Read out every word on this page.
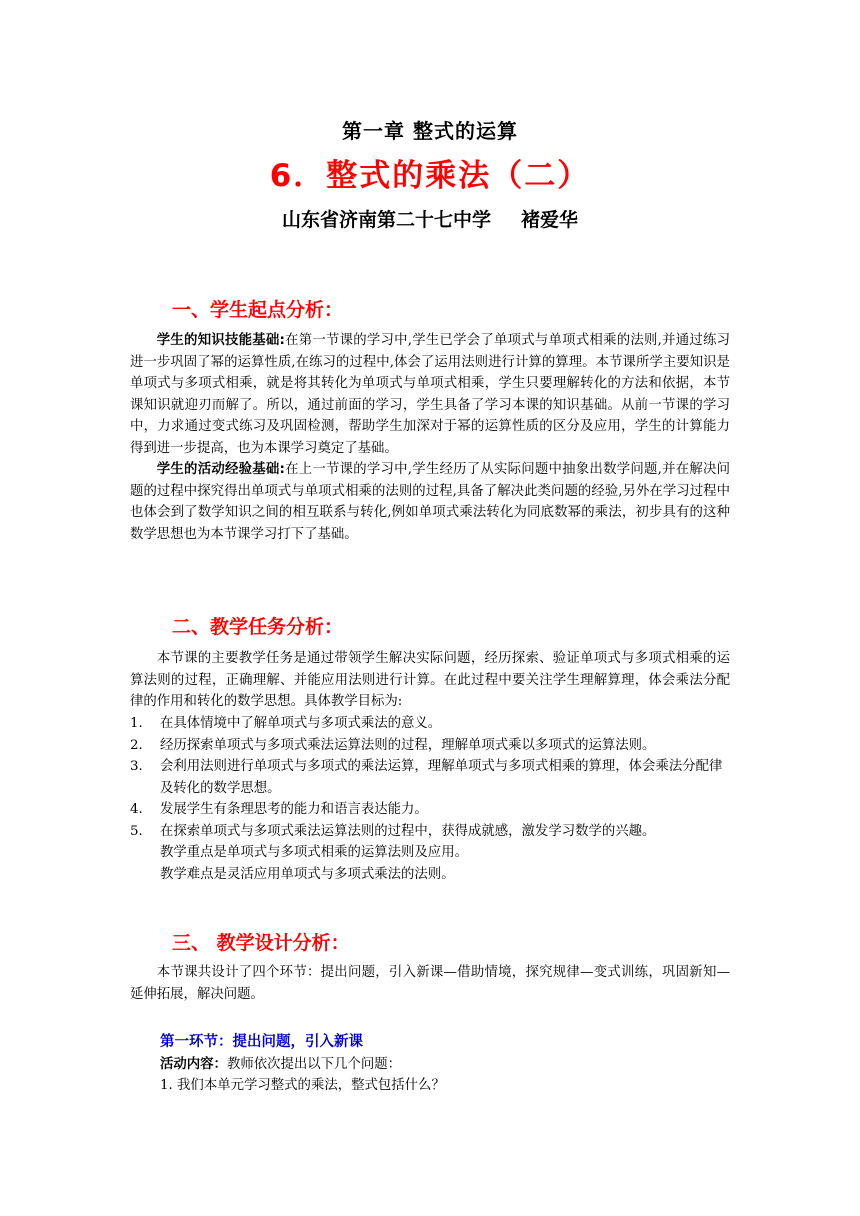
第一章 整式的运算
6．整式的乘法（二）
山东省济南第二十七中学 褚爱华
一、学生起点分析：

学生的知识技能基础:在第一节课的学习中,学生已学会了单项式与单项式相乘的法则,并通过练习进一步巩固了幂的运算性质,在练习的过程中,体会了运用法则进行计算的算理。本节课所学主要知识是单项式与多项式相乘，就是将其转化为单项式与单项式相乘，学生只要理解转化的方法和依据，本节课知识就迎刃而解了。所以，通过前面的学习，学生具备了学习本课的知识基础。从前一节课的学习中，力求通过变式练习及巩固检测，帮助学生加深对于幂的运算性质的区分及应用，学生的计算能力得到进一步提高，也为本课学习奠定了基础。

学生的活动经验基础:在上一节课的学习中,学生经历了从实际问题中抽象出数学问题,并在解决问题的过程中探究得出单项式与单项式相乘的法则的过程,具备了解决此类问题的经验,另外在学习过程中也体会到了数学知识之间的相互联系与转化,例如单项式乘法转化为同底数幂的乘法，初步具有的这种数学思想也为本节课学习打下了基础。

二、教学任务分析：

本节课的主要教学任务是通过带领学生解决实际问题，经历探索、验证单项式与多项式相乘的运算法则的过程，正确理解、并能应用法则进行计算。在此过程中要关注学生理解算理，体会乘法分配律的作用和转化的数学思想。具体教学目标为:

1． 在具体情境中了解单项式与多项式乘法的意义。
2． 经历探索单项式与多项式乘法运算法则的过程，理解单项式乘以多项式的运算法则。
3． 会利用法则进行单项式与多项式的乘法运算，理解单项式与多项式相乘的算理，体会乘法分配律及转化的数学思想。
4. 发展学生有条理思考的能力和语言表达能力。
5． 在探索单项式与多项式乘法运算法则的过程中，获得成就感，激发学习数学的兴趣。
教学重点是单项式与多项式相乘的运算法则及应用。
教学难点是灵活应用单项式与多项式乘法的法则。
三、 教学设计分析：

本节课共设计了四个环节：提出问题，引入新课—借助情境，探究规律—变式训练，巩固新知—延伸拓展，解决问题。

第一环节：提出问题，引入新课
活动内容：教师依次提出以下几个问题：
1. 我们本单元学习整式的乘法，整式包括什么？
